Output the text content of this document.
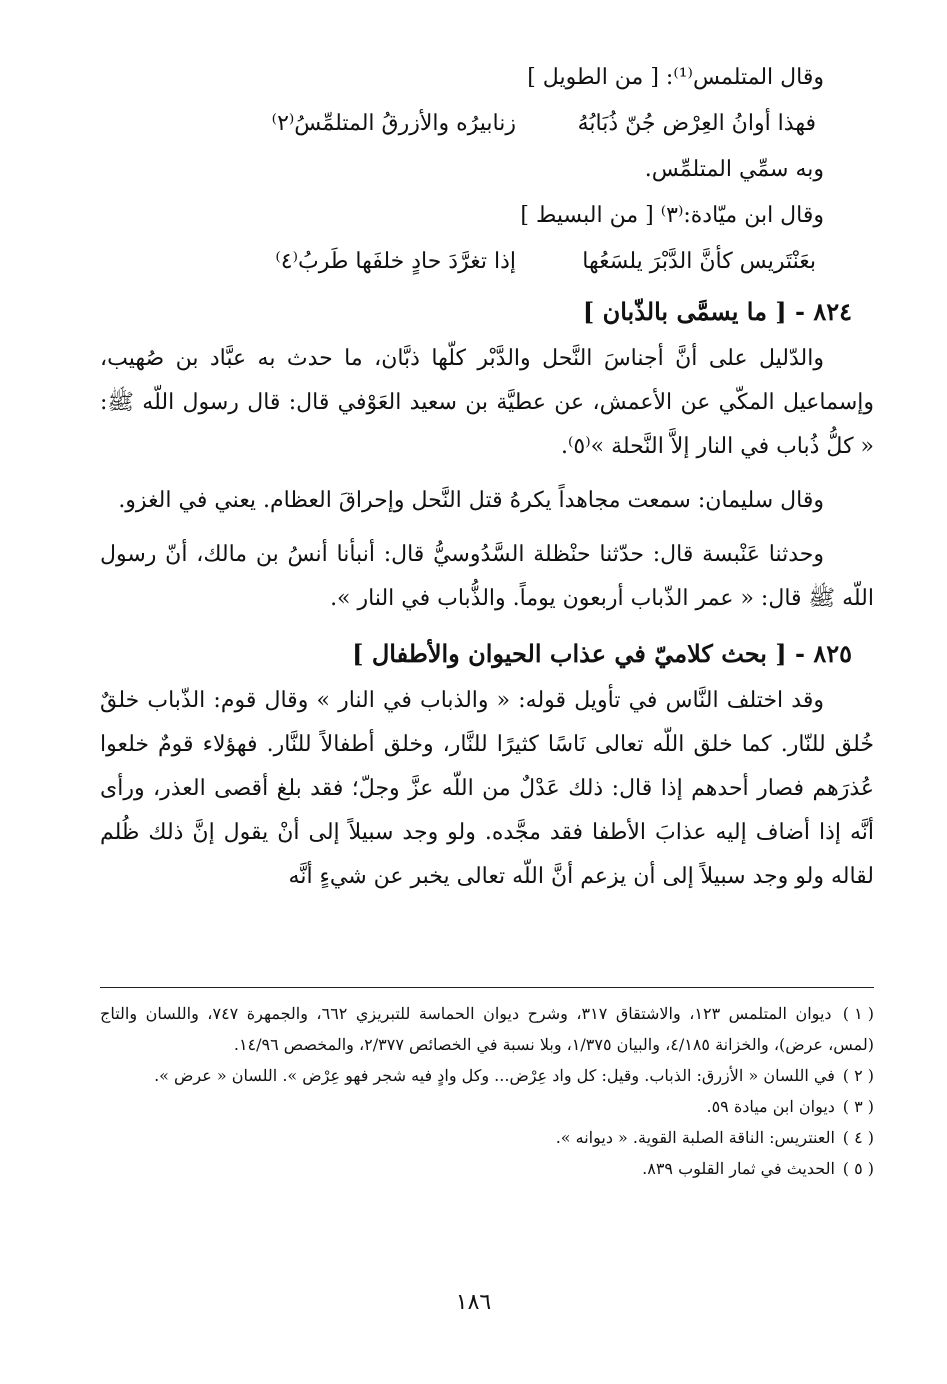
وقال المتلمس⁽¹⁾: [ من الطويل ]

فهذا أوانُ العِرْض جُنّ ذُبَابُهُ
زنابيرُه والأزرقُ المتلمِّسُ⁽٢⁾

وبه سمِّي المتلمِّس.

وقال ابن ميّادة:⁽٣⁾ [ من البسيط ]

بعَنْتَريس كأنَّ الدَّبْرَ يلسَعُها
إذا تغرَّدَ حادٍ خلفَها طَربُ⁽٤⁾
٨٢٤ - [ ما يسمَّى بالذّبان ]

والدّليل على أنَّ أجناسَ النَّحل والدَّبْر كلّها ذبَّان، ما حدث به عبَّاد بن صُهيب، وإسماعيل المكّي عن الأعمش، عن عطيَّة بن سعيد العَوْفي قال: قال رسول اللّه ﷺ: « كلُّ ذُباب في النار إلاَّ النَّحلة »⁽٥⁾.

وقال سليمان: سمعت مجاهداً يكرهُ قتل النَّحل وإحراقَ العظام. يعني في الغزو.

وحدثنا عَنْبسة قال: حدّثنا حنْظلة السَّدُوسيُّ قال: أنبأنا أنسُ بن مالك، أنّ رسول اللّه ﷺ قال: « عمر الذّباب أربعون يوماً. والذُّباب في النار ».

٨٢٥ - [ بحث كلاميّ في عذاب الحيوان والأطفال ]

وقد اختلف النَّاس في تأويل قوله: « والذباب في النار » وقال قوم: الذّباب خلقٌ خُلق للنّار. كما خلق اللّه تعالى نَاسًا كثيرًا للنَّار، وخلق أطفالاً للنَّار. فهؤلاء قومٌ خلعوا عُذرَهم فصار أحدهم إذا قال: ذلك عَدْلٌ من اللّه عزَّ وجلّ؛ فقد بلغ أقصى العذر، ورأى أنَّه إذا أضاف إليه عذابَ الأطفا فقد مجَّده. ولو وجد سبيلاً إلى أنْ يقول إنَّ ذلك ظُلم لقاله ولو وجد سبيلاً إلى أن يزعم أنَّ اللّه تعالى يخبر عن شيءٍ أنَّه

( ١ ) ديوان المتلمس ١٢٣، والاشتقاق ٣١٧، وشرح ديوان الحماسة للتبريزي ٦٦٢، والجمهرة ٧٤٧، واللسان والتاج (لمس، عرض)، والخزانة ٤/١٨٥، والبيان ١/٣٧٥، وبلا نسبة في الخصائص ٢/٣٧٧، والمخصص ١٤/٩٦.

( ٢ ) في اللسان « الأزرق: الذباب. وقيل: كل واد عِرْض... وكل وادٍ فيه شجر فهو عِرْض ». اللسان « عرض ».

( ٣ ) ديوان ابن ميادة ٥٩.

( ٤ ) العنتريس: الناقة الصلبة القوية. « ديوانه ».

( ٥ ) الحديث في ثمار القلوب ٨٣٩.

١٨٦
